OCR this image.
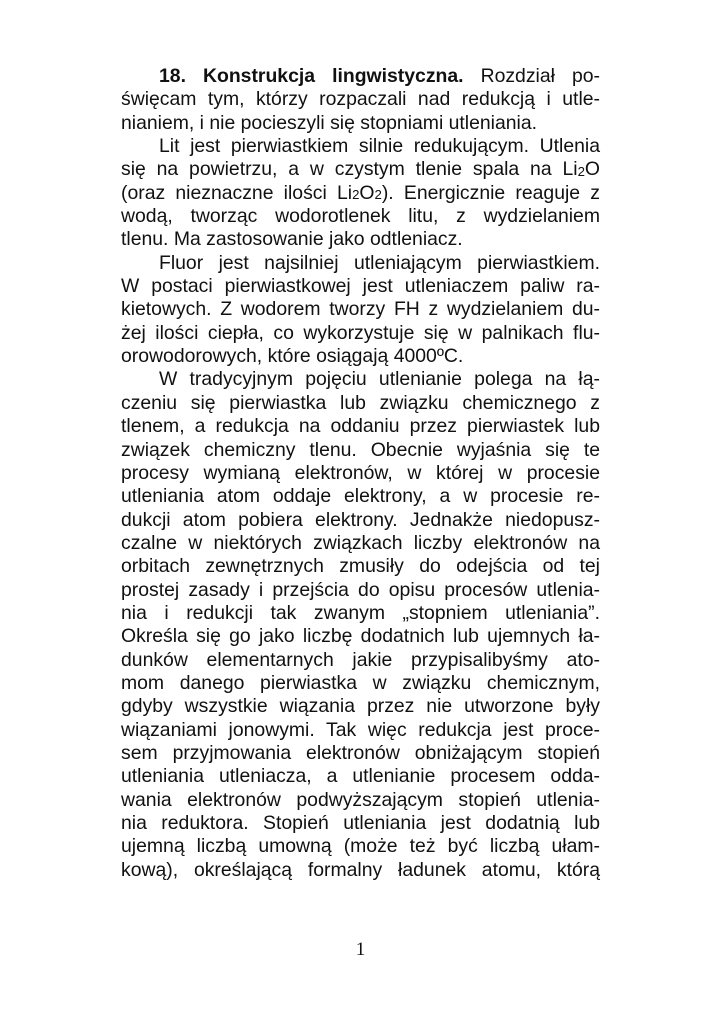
18. Konstrukcja lingwistyczna. Rozdział po-
święcam tym, którzy rozpaczali nad redukcją i utle-
nianiem, i nie pocieszyli się stopniami utleniania.
Lit jest pierwiastkiem silnie redukującym. Utlenia
się na powietrzu, a w czystym tlenie spala na Li2O
(oraz nieznaczne ilości Li2O2). Energicznie reaguje z
wodą, tworząc wodorotlenek litu, z wydzielaniem
tlenu. Ma zastosowanie jako odtleniacz.
Fluor jest najsilniej utleniającym pierwiastkiem.
W postaci pierwiastkowej jest utleniaczem paliw ra-
kietowych. Z wodorem tworzy FH z wydzielaniem du-
żej ilości ciepła, co wykorzystuje się w palnikach flu-
orowodorowych, które osiągają 4000ºC.
W tradycyjnym pojęciu utlenianie polega na łą-
czeniu się pierwiastka lub związku chemicznego z
tlenem, a redukcja na oddaniu przez pierwiastek lub
związek chemiczny tlenu. Obecnie wyjaśnia się te
procesy wymianą elektronów, w której w procesie
utleniania atom oddaje elektrony, a w procesie re-
dukcji atom pobiera elektrony. Jednakże niedopusz-
czalne w niektórych związkach liczby elektronów na
orbitach zewnętrznych zmusiły do odejścia od tej
prostej zasady i przejścia do opisu procesów utlenia-
nia i redukcji tak zwanym „stopniem utleniania”.
Określa się go jako liczbę dodatnich lub ujemnych ła-
dunków elementarnych jakie przypisalibyśmy ato-
mom danego pierwiastka w związku chemicznym,
gdyby wszystkie wiązania przez nie utworzone były
wiązaniami jonowymi. Tak więc redukcja jest proce-
sem przyjmowania elektronów obniżającym stopień
utleniania utleniacza, a utlenianie procesem odda-
wania elektronów podwyższającym stopień utlenia-
nia reduktora. Stopień utleniania jest dodatnią lub
ujemną liczbą umowną (może też być liczbą ułam-
kową), określającą formalny ładunek atomu, którą
1
